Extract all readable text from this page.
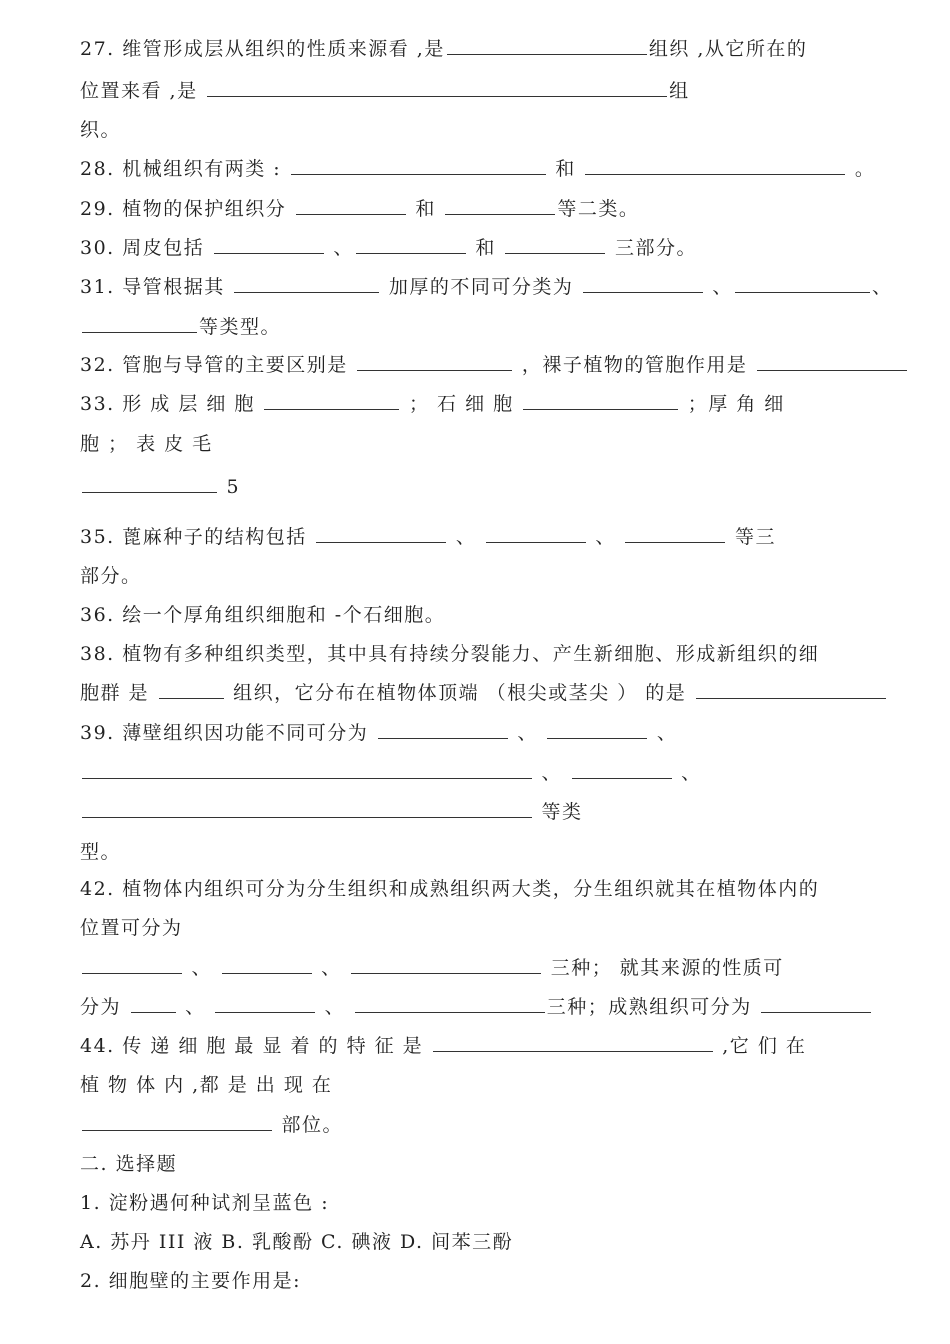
27. 维管形成层从组织的性质来源看 ,是	组织 ,从它所在的
位置来看 ,是	组
织。
28. 机械组织有两类 :	和	。
29. 植物的保护组织分	和	等二类。
30. 周皮包括	、	和	三部分。
31. 导管根据其	加厚的不同可分类为	、	、
等类型。
32. 管胞与导管的主要区别是	，裸子植物的管胞作用是
33. 形 成 层 细 胞	； 石 细 胞	；厚 角 细
胞 ； 表 皮 毛
5
35. 蓖麻种子的结构包括	、	、	等三
部分。
36. 绘一个厚角组织细胞和 -个石细胞。
38. 植物有多种组织类型，其中具有持续分裂能力、产生新细胞、形成新组织的细
胞群 是	组织，它分布在植物体顶端 （根尖或茎尖 ） 的是
39. 薄壁组织因功能不同可分为	、	、
、	、
等类
型。
42. 植物体内组织可分为分生组织和成熟组织两大类，分生组织就其在植物体内的
位置可分为
、	、	三种； 就其来源的性质可
分为	、	、	三种；成熟组织可分为
44. 传 递 细 胞 最 显 着 的 特 征 是	,它 们 在
植 物 体 内 ,都 是 出 现 在
部位。
二. 选择题
1. 淀粉遇何种试剂呈蓝色 :
A. 苏丹 III 液 B. 乳酸酚 C. 碘液 D. 间苯三酚
2. 细胞壁的主要作用是:
